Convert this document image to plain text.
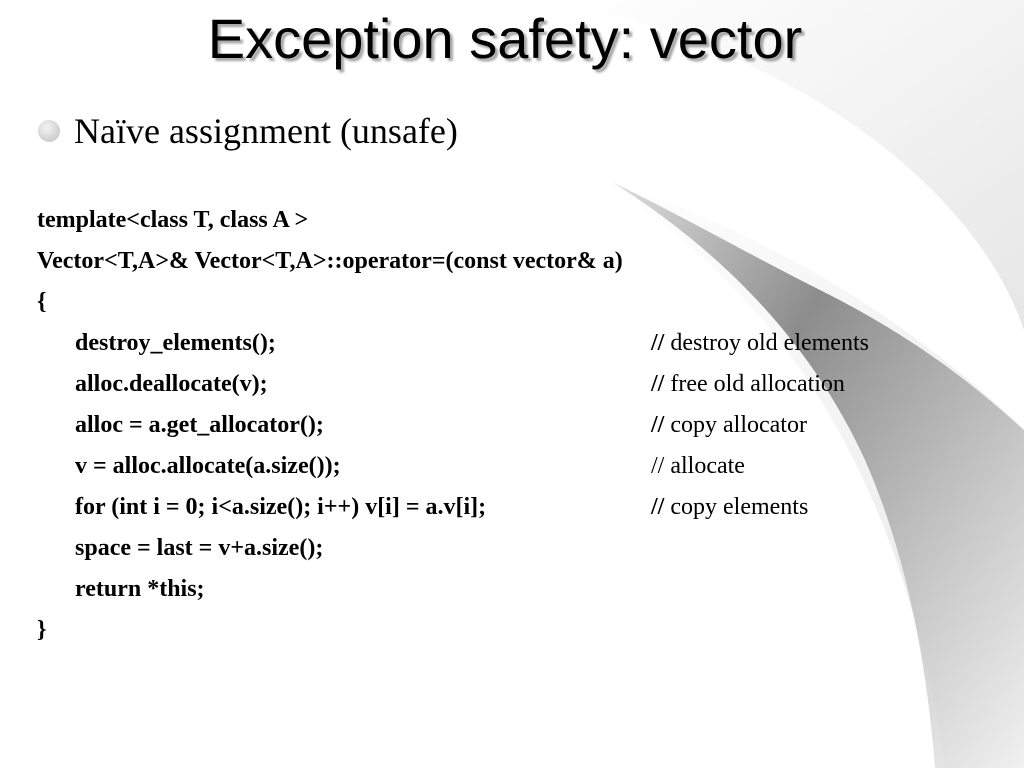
Exception safety: vector
Naïve assignment (unsafe)
template<class T, class A >
Vector<T,A>& Vector<T,A>::operator=(const vector& a)
{
destroy_elements();	// destroy old elements
alloc.deallocate(v);	// free old allocation
alloc = a.get_allocator();	// copy allocator
v = alloc.allocate(a.size());	// allocate
for (int i = 0; i<a.size(); i++) v[i] = a.v[i];	// copy elements
space = last = v+a.size();
return *this;
}
